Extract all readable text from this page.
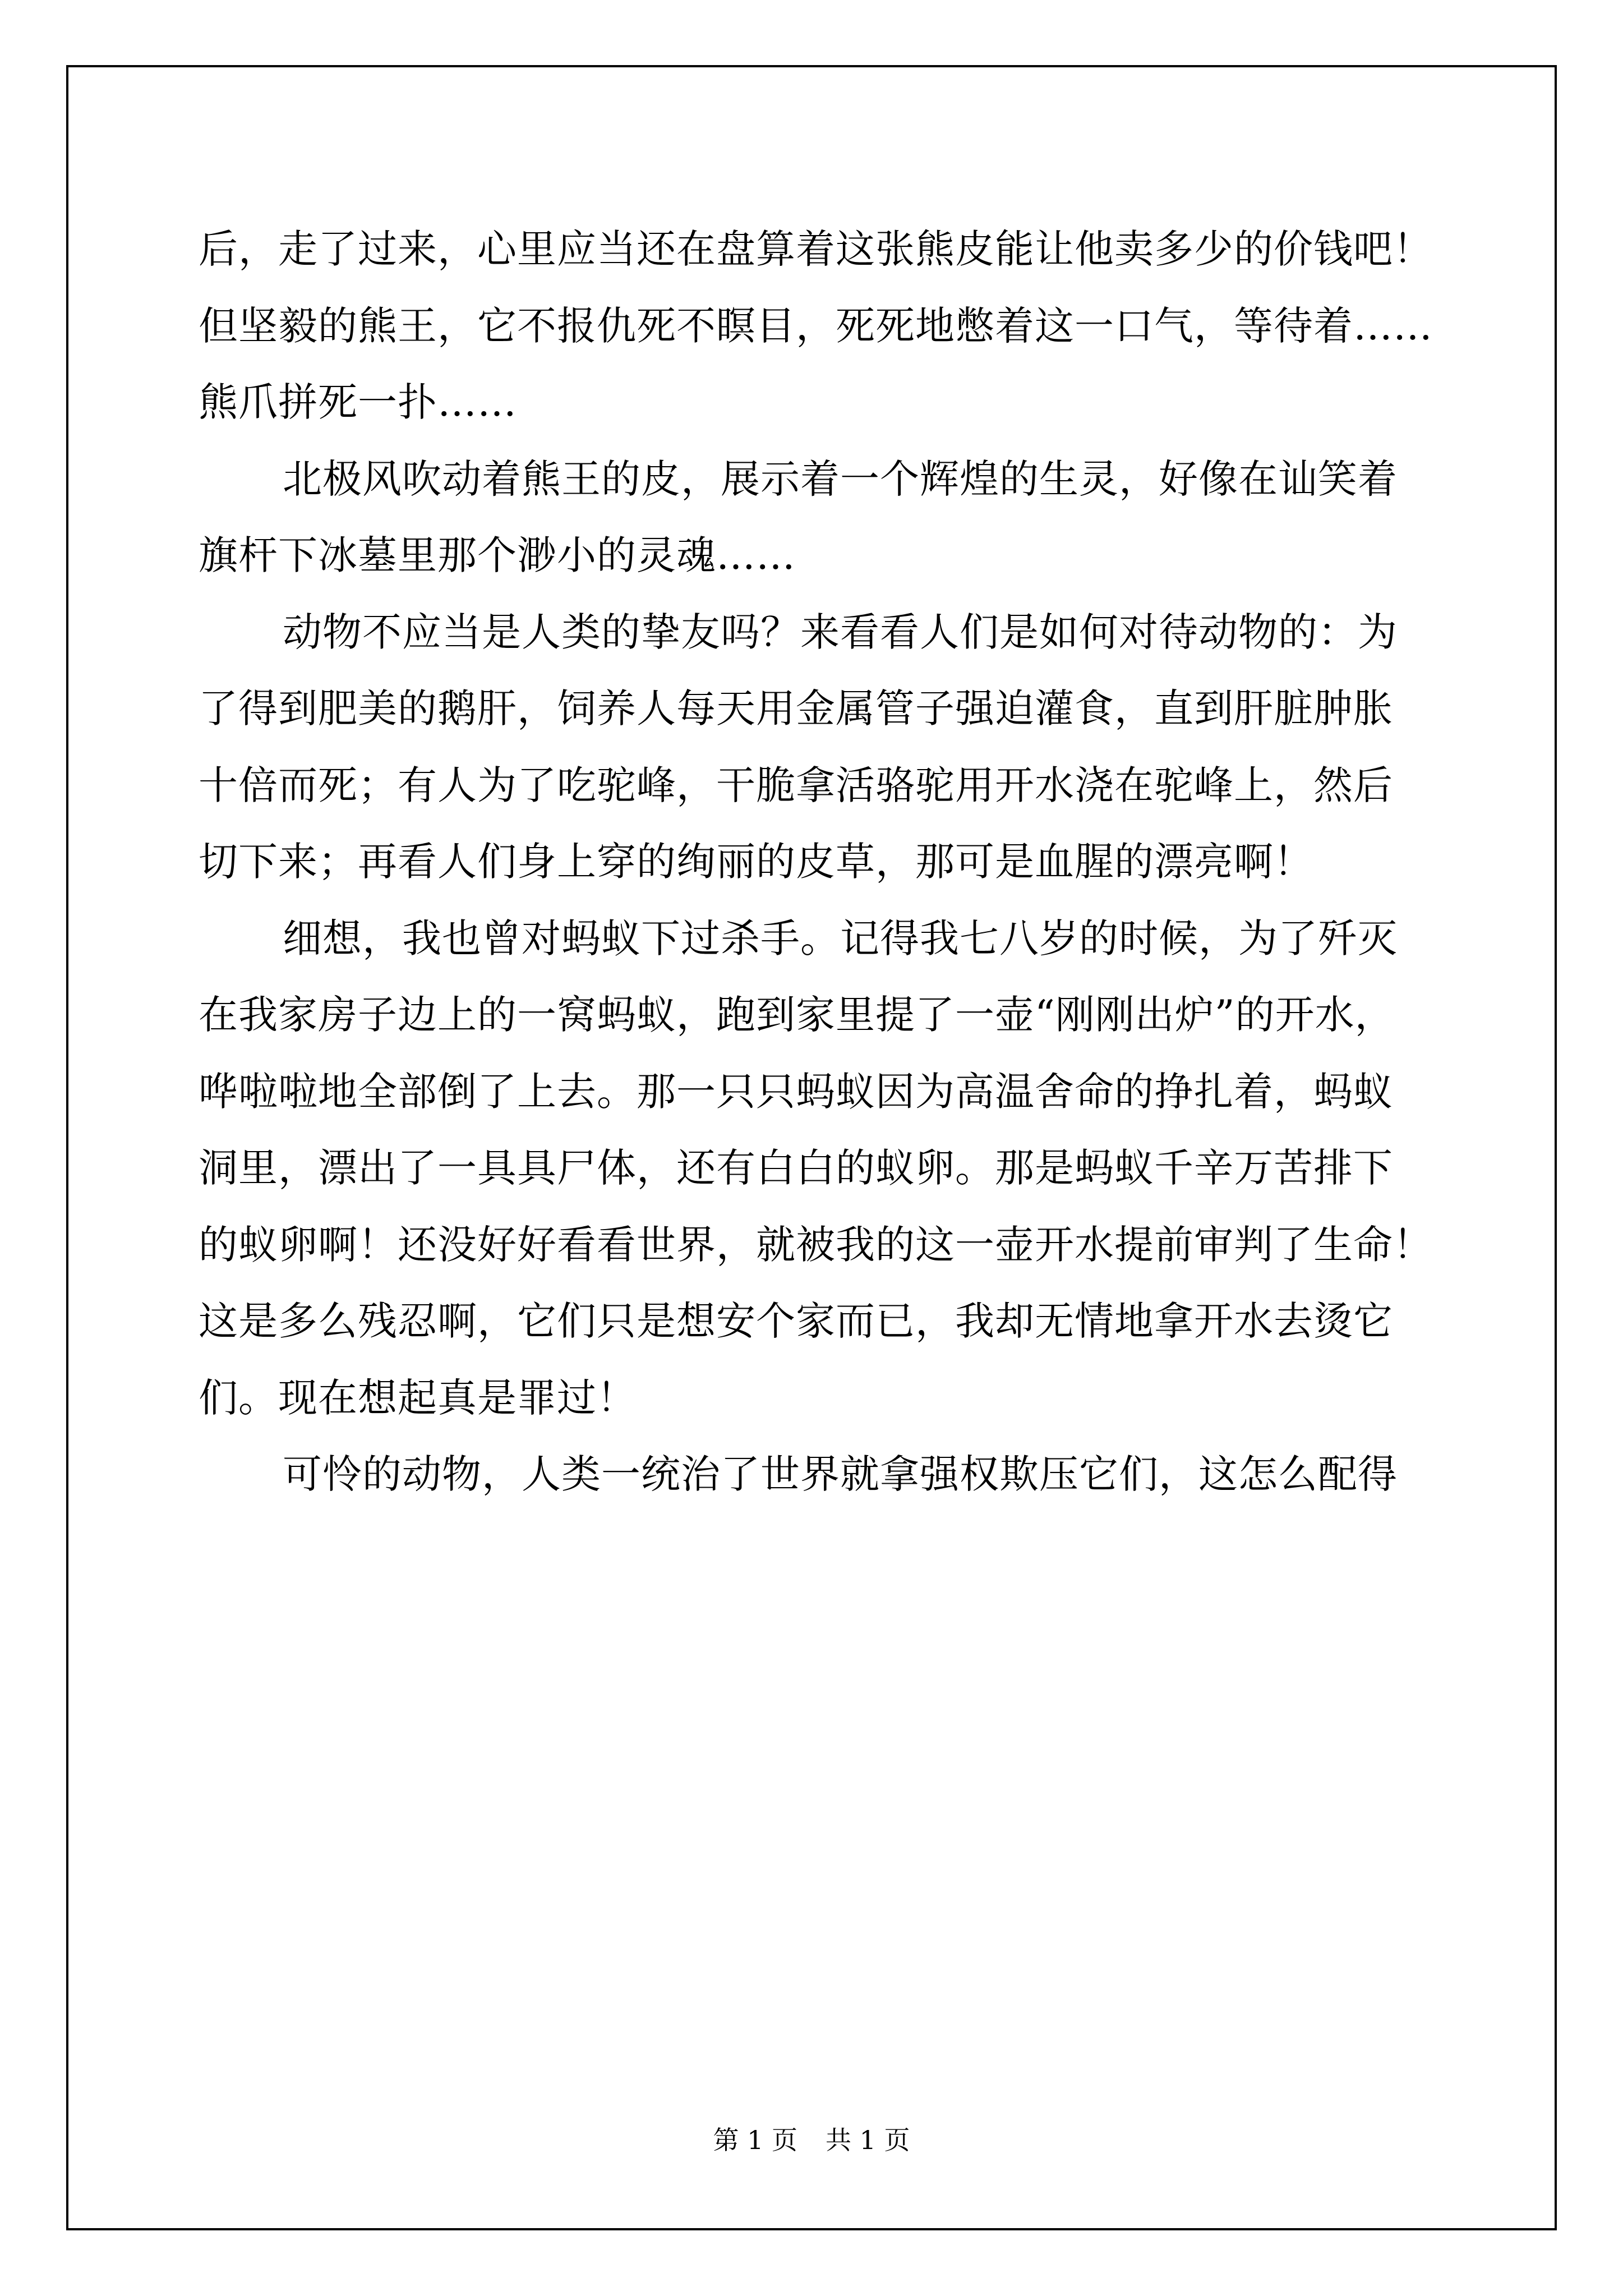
后，走了过来，心里应当还在盘算着这张熊皮能让他卖多少的价钱吧！
但坚毅的熊王，它不报仇死不瞑目，死死地憋着这一口气，等待着……
熊爪拼死一扑……
北极风吹动着熊王的皮，展示着一个辉煌的生灵，好像在讪笑着
旗杆下冰墓里那个渺小的灵魂……
动物不应当是人类的挚友吗？来看看人们是如何对待动物的：为
了得到肥美的鹅肝，饲养人每天用金属管子强迫灌食，直到肝脏肿胀
十倍而死；有人为了吃驼峰，干脆拿活骆驼用开水浇在驼峰上，然后
切下来；再看人们身上穿的绚丽的皮草，那可是血腥的漂亮啊！
细想，我也曾对蚂蚁下过杀手。记得我七八岁的时候，为了歼灭
在我家房子边上的一窝蚂蚁，跑到家里提了一壶“刚刚出炉”的开水，
哗啦啦地全部倒了上去。那一只只蚂蚁因为高温舍命的挣扎着，蚂蚁
洞里，漂出了一具具尸体，还有白白的蚁卵。那是蚂蚁千辛万苦排下
的蚁卵啊！还没好好看看世界，就被我的这一壶开水提前审判了生命！
这是多么残忍啊，它们只是想安个家而已，我却无情地拿开水去烫它
们。现在想起真是罪过！
可怜的动物，人类一统治了世界就拿强权欺压它们，这怎么配得
第 1 页 共 1 页
